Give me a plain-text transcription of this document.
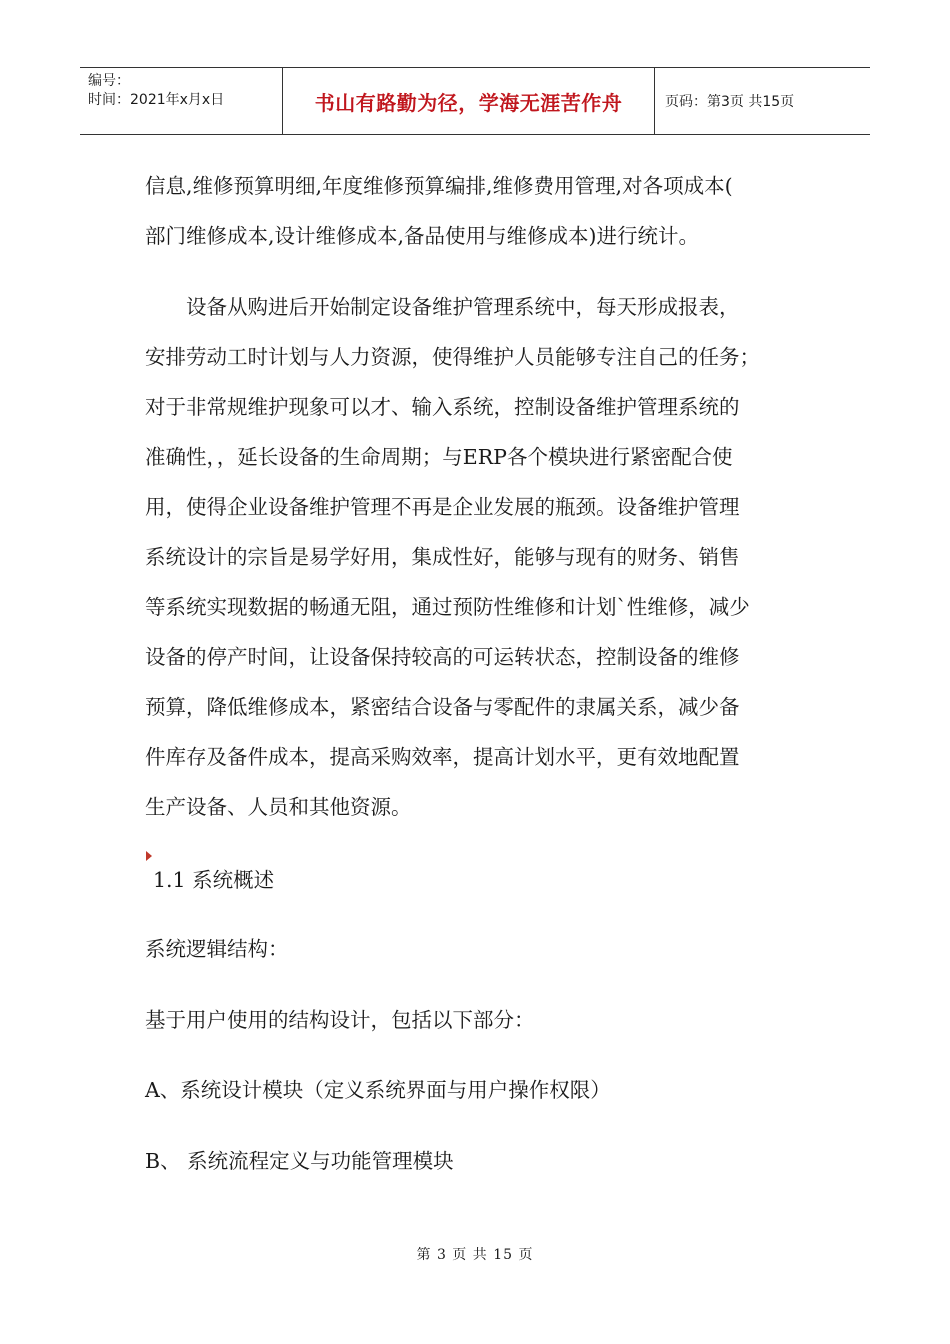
编号：
时间：2021年x月x日	书山有路勤为径，学海无涯苦作舟	页码：第3页 共15页
信息,维修预算明细,年度维修预算编排,维修费用管理,对各项成本(
部门维修成本,设计维修成本,备品使用与维修成本)进行统计。
　　设备从购进后开始制定设备维护管理系统中，每天形成报表，
安排劳动工时计划与人力资源，使得维护人员能够专注自己的任务；
对于非常规维护现象可以才、输入系统，控制设备维护管理系统的
准确性，，延长设备的生命周期；与ERP各个模块进行紧密配合使
用，使得企业设备维护管理不再是企业发展的瓶颈。设备维护管理
系统设计的宗旨是易学好用，集成性好，能够与现有的财务、销售
等系统实现数据的畅通无阻，通过预防性维修和计划`性维修，减少
设备的停产时间，让设备保持较高的可运转状态，控制设备的维修
预算，降低维修成本，紧密结合设备与零配件的隶属关系，减少备
件库存及备件成本，提高采购效率，提高计划水平，更有效地配置
生产设备、人员和其他资源。
1.1 系统概述
系统逻辑结构：
基于用户使用的结构设计，包括以下部分：
A、系统设计模块（定义系统界面与用户操作权限）
B、 系统流程定义与功能管理模块
第 3 页 共 15 页
